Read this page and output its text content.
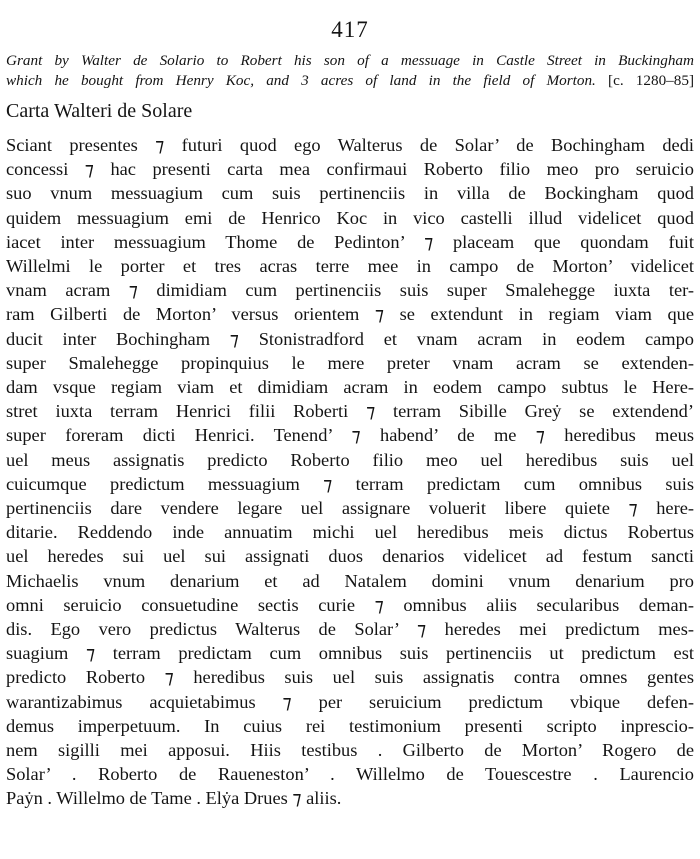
417
Grant by Walter de Solario to Robert his son of a messuage in Castle Street in Buckingham
which he bought from Henry Koc, and 3 acres of land in the field of Morton. [c. 1280–85]
Carta Walteri de Solare
Sciant presentes ⁊ futuri quod ego Walterus de Solar’ de Bochingham dedi
concessi ⁊ hac presenti carta mea confirmaui Roberto filio meo pro seruicio
suo vnum messuagium cum suis pertinenciis in villa de Bockingham quod
quidem messuagium emi de Henrico Koc in vico castelli illud videlicet quod
iacet inter messuagium Thome de Pedinton’ ⁊ placeam que quondam fuit
Willelmi le porter et tres acras terre mee in campo de Morton’ videlicet
vnam acram ⁊ dimidiam cum pertinenciis suis super Smalehegge iuxta ter-
ram Gilberti de Morton’ versus orientem ⁊ se extendunt in regiam viam que
ducit inter Bochingham ⁊ Stonistradford et vnam acram in eodem campo
super Smalehegge propinquius le mere preter vnam acram se extenden-
dam vsque regiam viam et dimidiam acram in eodem campo subtus le Here-
stret iuxta terram Henrici filii Roberti ⁊ terram Sibille Greẏ se extendend’
super foreram dicti Henrici. Tenend’ ⁊ habend’ de me ⁊ heredibus meus
uel meus assignatis predicto Roberto filio meo uel heredibus suis uel
cuicumque predictum messuagium ⁊ terram predictam cum omnibus suis
pertinenciis dare vendere legare uel assignare voluerit libere quiete ⁊ here-
ditarie. Reddendo inde annuatim michi uel heredibus meis dictus Robertus
uel heredes sui uel sui assignati duos denarios videlicet ad festum sancti
Michaelis vnum denarium et ad Natalem domini vnum denarium pro
omni seruicio consuetudine sectis curie ⁊ omnibus aliis secularibus deman-
dis. Ego vero predictus Walterus de Solar’ ⁊ heredes mei predictum mes-
suagium ⁊ terram predictam cum omnibus suis pertinenciis ut predictum est
predicto Roberto ⁊ heredibus suis uel suis assignatis contra omnes gentes
warantizabimus acquietabimus ⁊ per seruicium predictum vbique defen-
demus imperpetuum. In cuius rei testimonium presenti scripto inprescio-
nem sigilli mei apposui. Hiis testibus . Gilberto de Morton’ Rogero de
Solar’ . Roberto de Raueneston’ . Willelmo de Touescestre . Laurencio
Paẏn . Willelmo de Tame . Elẏa Drues ⁊ aliis.
